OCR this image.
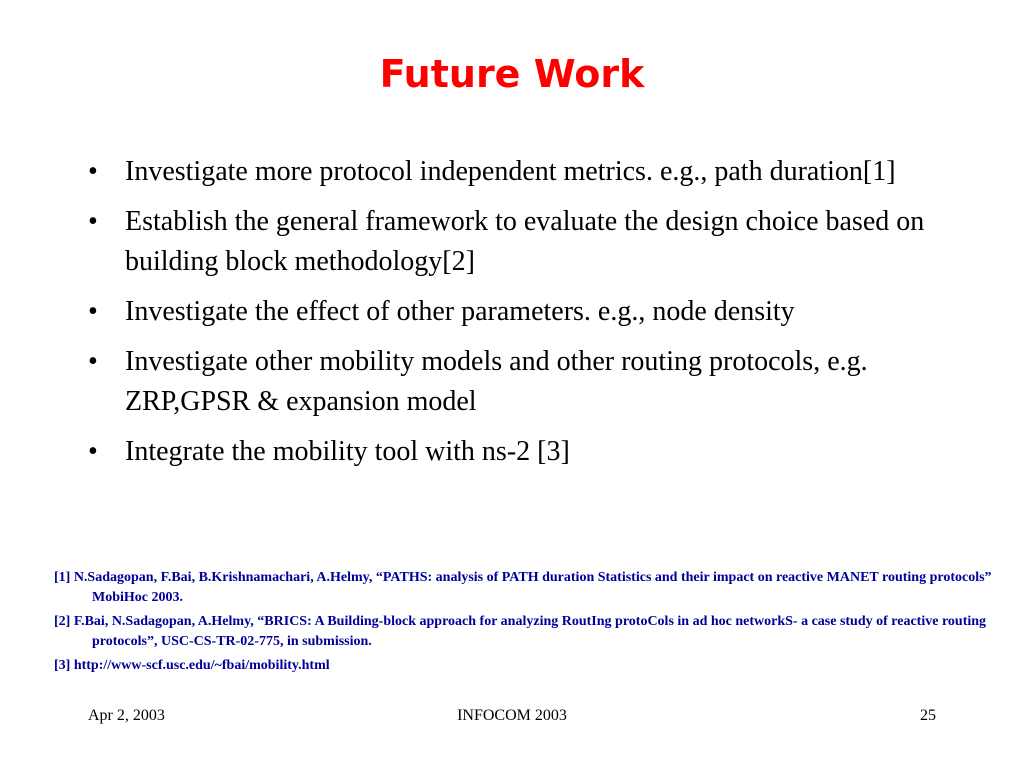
Future Work
• Investigate more protocol independent metrics. e.g., path duration[1]
• Establish the general framework to evaluate the design choice based on building block methodology[2]
• Investigate the effect of other parameters. e.g., node density
• Investigate other mobility models and other routing protocols, e.g. ZRP,GPSR & expansion model
• Integrate the mobility tool with ns-2 [3]
[1] N.Sadagopan, F.Bai, B.Krishnamachari, A.Helmy, “PATHS: analysis of PATH duration Statistics and their impact on reactive MANET routing protocols” MobiHoc 2003.
[2] F.Bai, N.Sadagopan, A.Helmy, “BRICS: A Building-block approach for analyzing RoutIng protoCols in ad hoc networkS- a case study of reactive routing protocols”, USC-CS-TR-02-775, in submission.
[3] http://www-scf.usc.edu/~fbai/mobility.html
Apr 2, 2003	INFOCOM 2003	25
